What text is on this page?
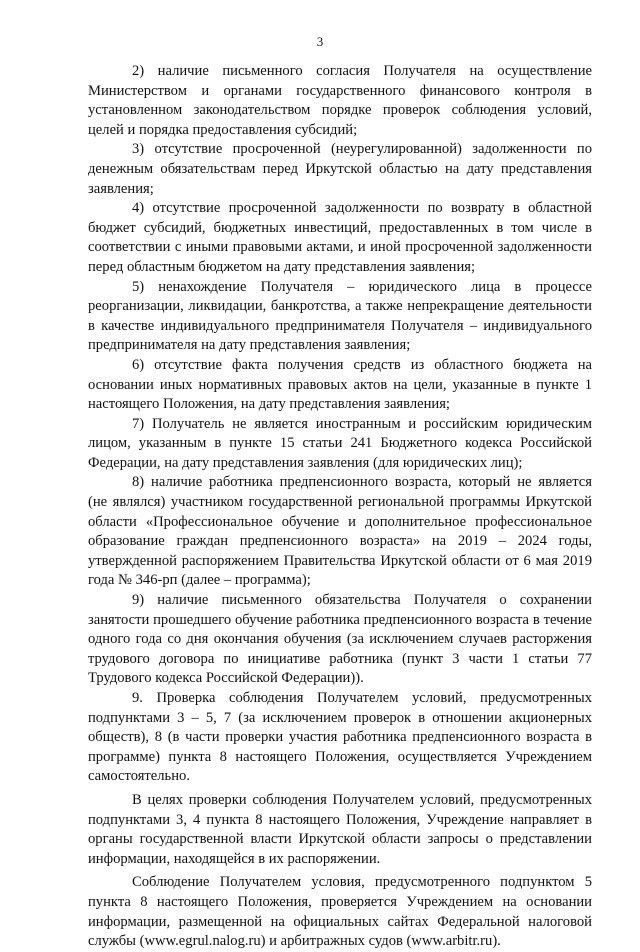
3

2) наличие письменного согласия Получателя на осуществление Министерством и органами государственного финансового контроля в установленном законодательством порядке проверок соблюдения условий, целей и порядка предоставления субсидий;

3) отсутствие просроченной (неурегулированной) задолженности по денежным обязательствам перед Иркутской областью на дату представления заявления;

4) отсутствие просроченной задолженности по возврату в областной бюджет субсидий, бюджетных инвестиций, предоставленных в том числе в соответствии с иными правовыми актами, и иной просроченной задолженности перед областным бюджетом на дату представления заявления;

5) ненахождение Получателя – юридического лица в процессе реорганизации, ликвидации, банкротства, а также непрекращение деятельности в качестве индивидуального предпринимателя Получателя – индивидуального предпринимателя на дату представления заявления;

6) отсутствие факта получения средств из областного бюджета на основании иных нормативных правовых актов на цели, указанные в пункте 1 настоящего Положения, на дату представления заявления;

7) Получатель не является иностранным и российским юридическим лицом, указанным в пункте 15 статьи 241 Бюджетного кодекса Российской Федерации, на дату представления заявления (для юридических лиц);

8) наличие работника предпенсионного возраста, который не является (не являлся) участником государственной региональной программы Иркутской области «Профессиональное обучение и дополнительное профессиональное образование граждан предпенсионного возраста» на 2019 – 2024 годы, утвержденной распоряжением Правительства Иркутской области от 6 мая 2019 года № 346-рп (далее – программа);

9) наличие письменного обязательства Получателя о сохранении занятости прошедшего обучение работника предпенсионного возраста в течение одного года со дня окончания обучения (за исключением случаев расторжения трудового договора по инициативе работника (пункт 3 части 1 статьи 77 Трудового кодекса Российской Федерации)).

9. Проверка соблюдения Получателем условий, предусмотренных подпунктами 3 – 5, 7 (за исключением проверок в отношении акционерных обществ), 8 (в части проверки участия работника предпенсионного возраста в программе) пункта 8 настоящего Положения, осуществляется Учреждением самостоятельно.

В целях проверки соблюдения Получателем условий, предусмотренных подпунктами 3, 4 пункта 8 настоящего Положения, Учреждение направляет в органы государственной власти Иркутской области запросы о представлении информации, находящейся в их распоряжении.

Соблюдение Получателем условия, предусмотренного подпунктом 5 пункта 8 настоящего Положения, проверяется Учреждением на основании информации, размещенной на официальных сайтах Федеральной налоговой службы (www.egrul.nalog.ru) и арбитражных судов (www.arbitr.ru).
